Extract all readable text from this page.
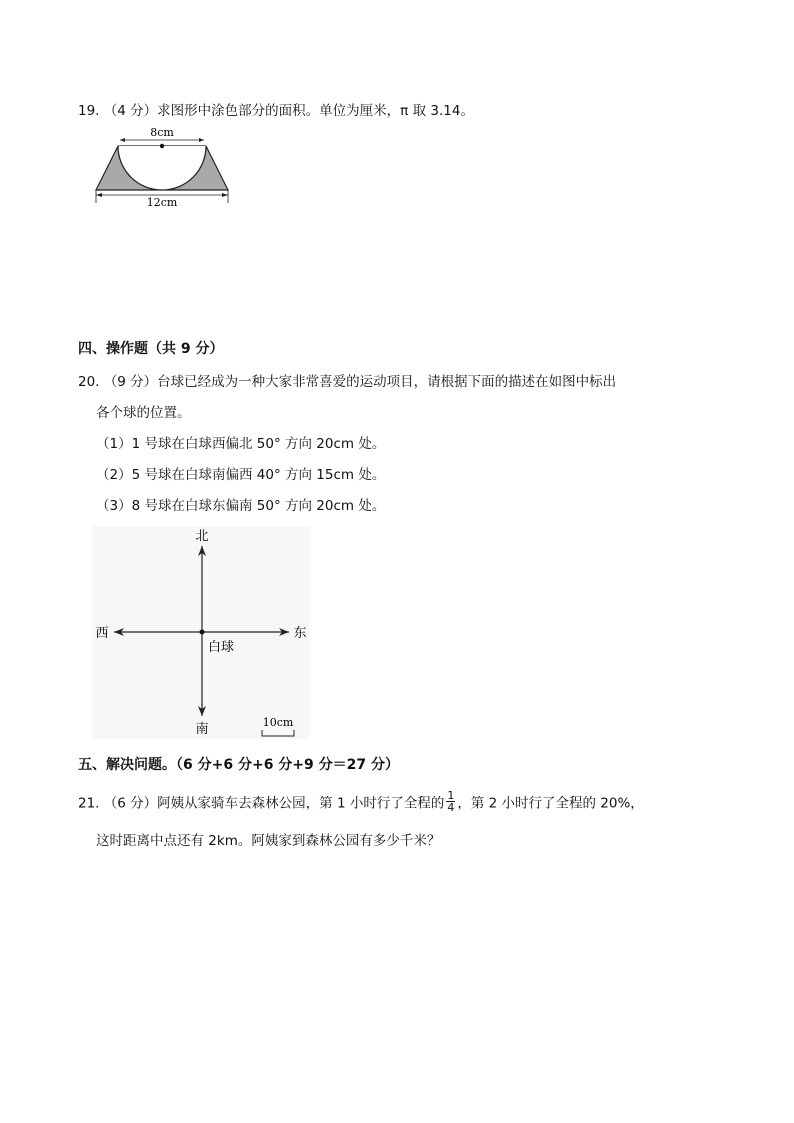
19. （4 分）求图形中涂色部分的面积。单位为厘米，π 取 3.14。
8cm
12cm
四、操作题（共 9 分）
20. （9 分）台球已经成为一种大家非常喜爱的运动项目，请根据下面的描述在如图中标出
各个球的位置。
（1）1 号球在白球西偏北 50° 方向 20cm 处。
（2）5 号球在白球南偏西 40° 方向 15cm 处。
（3）8 号球在白球东偏南 50° 方向 20cm 处。
北
南
西	东
白球
10cm
五、解决问题。（6 分+6 分+6 分+9 分＝27 分）
21. （6 分）阿姨从家骑车去森林公园，第 1 小时行了全程的 $\frac{1}{4}$ ，第 2 小时行了全程的 20%，
这时距离中点还有 2km。阿姨家到森林公园有多少千米？
